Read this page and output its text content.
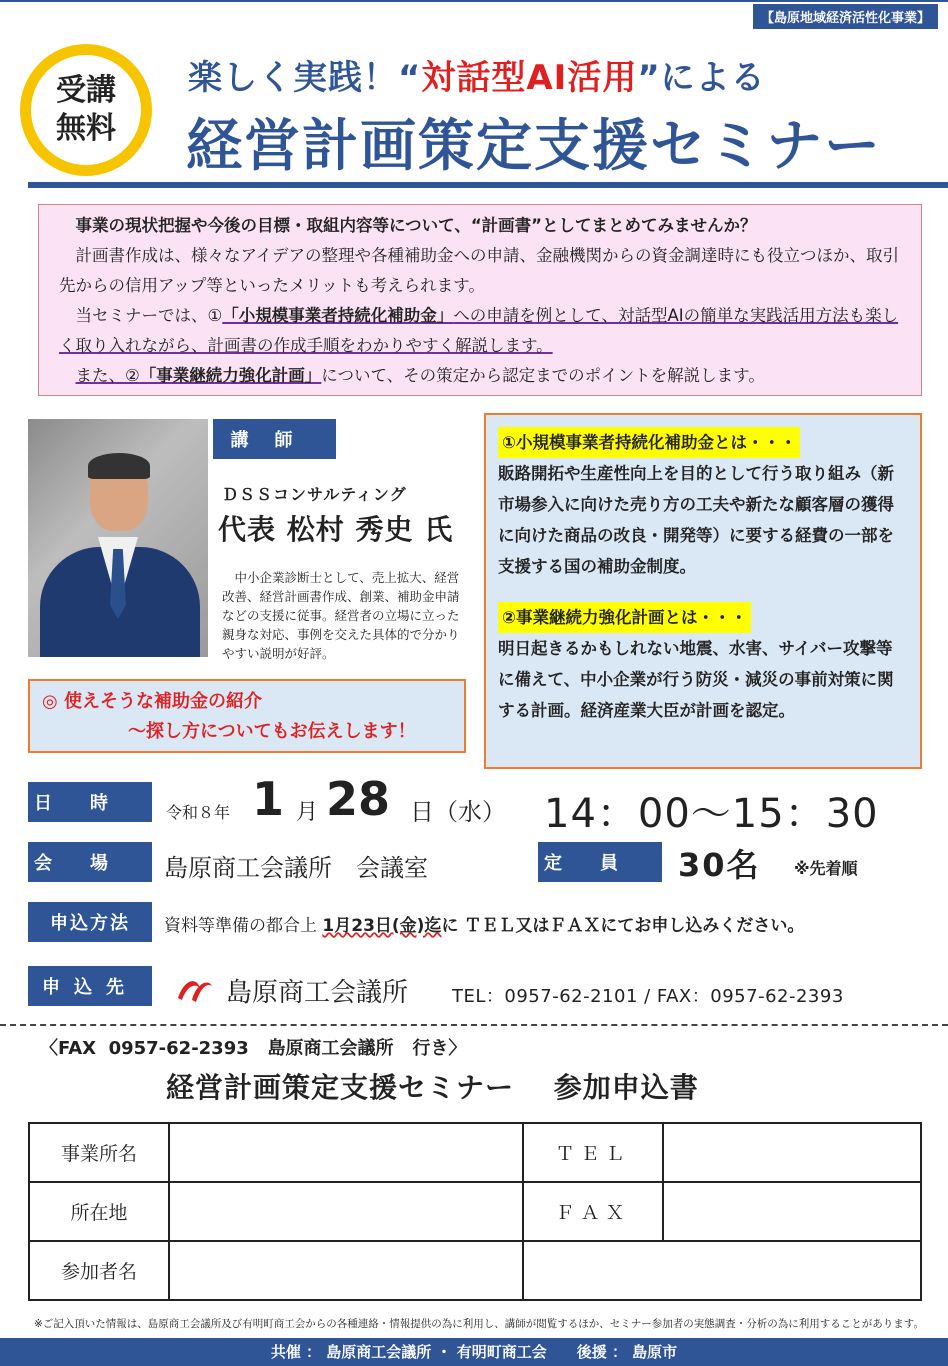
【島原地域経済活性化事業】
受講
無料
楽しく実践！“対話型AI活用”による
経営計画策定支援セミナー
事業の現状把握や今後の目標・取組内容等について、“計画書”としてまとめてみませんか？
計画書作成は、様々なアイデアの整理や各種補助金への申請、金融機関からの資金調達時にも役立つほか、取引先からの信用アップ等といったメリットも考えられます。
当セミナーでは、①「小規模事業者持続化補助金」への申請を例として、対話型AIの簡単な実践活用方法も楽しく取り入れながら、計画書の作成手順をわかりやすく解説します。
また、②「事業継続力強化計画」について、その策定から認定までのポイントを解説します。
講師
ＤＳＳコンサルティング
代表 松村 秀史 氏
中小企業診断士として、売上拡大、経営改善、経営計画書作成、創業、補助金申請などの支援に従事。経営者の立場に立った親身な対応、事例を交えた具体的で分かりやすい説明が好評。
◎ 使えそうな補助金の紹介
～探し方についてもお伝えします！
①小規模事業者持続化補助金とは・・・
販路開拓や生産性向上を目的として行う取り組み（新市場参入に向けた売り方の工夫や新たな顧客層の獲得に向けた商品の改良・開発等）に要する経費の一部を支援する国の補助金制度。
②事業継続力強化計画とは・・・
明日起きるかもしれない地震、水害、サイバー攻撃等に備えて、中小企業が行う防災・減災の事前対策に関する計画。経済産業大臣が計画を認定。
日時	令和８年 1 月 28 日（水） 14：00～15：30
会場 島原商工会議所　会議室	定員 30名 ※先着順
申込方法	資料等準備の都合上 1月23日(金)迄に ＴＥＬ又はＦＡＸにてお申し込みください。
申込先	島原商工会議所 TEL：0957-62-2101 / FAX：0957-62-2393
〈FAX  0957-62-2393   島原商工会議所   行き〉
経営計画策定支援セミナー　 参加申込書
事業所名		ＴＥＬ	
所在地		ＦＡＸ	
参加者名			
※ご記入頂いた情報は、島原商工会議所及び有明町商工会からの各種連絡・情報提供の為に利用し、講師が閲覧するほか、セミナー参加者の実態調査・分析の為に利用することがあります。
共催 ： 島原商工会議所 ・ 有明町商工会　　後援 ： 島原市
